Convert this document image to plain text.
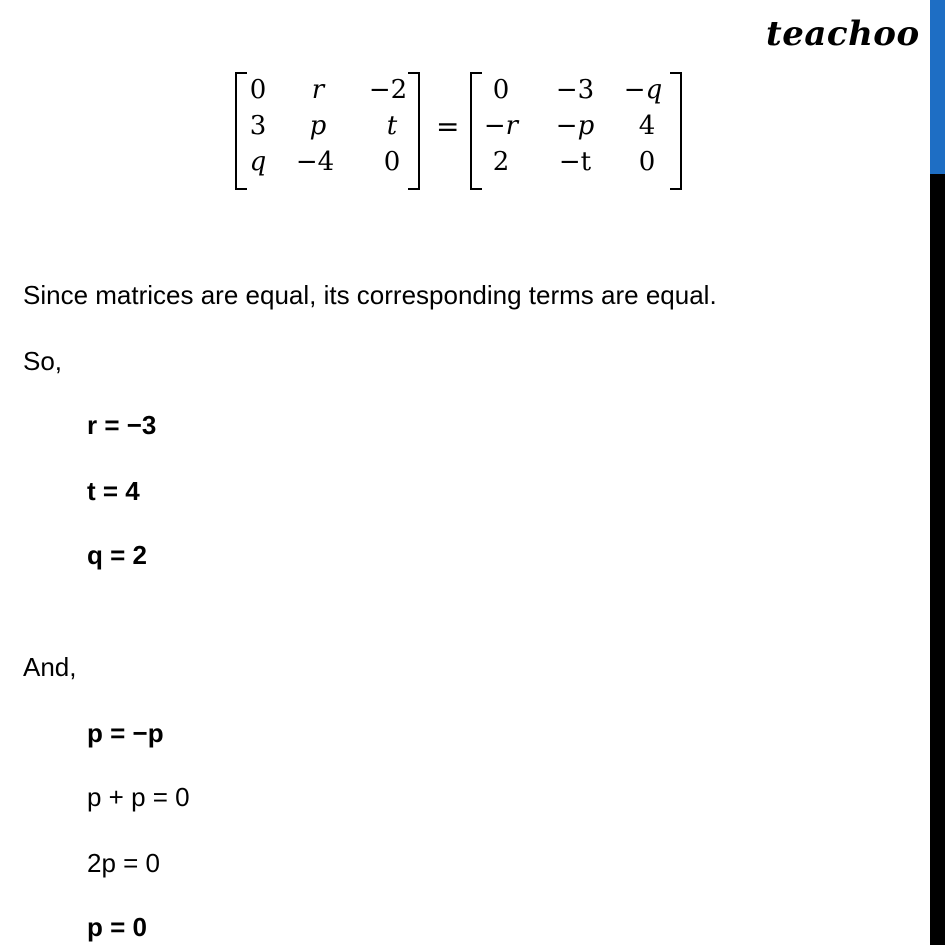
teachoo
0	r	−2
3 p	t
q −4 0
=
0	−3	−q
−r	−p 4
2	−t	0
Since matrices are equal, its corresponding terms are equal.
So,
r = −3
t = 4
q = 2
And,
p = −p
p + p = 0
2p = 0
p = 0
